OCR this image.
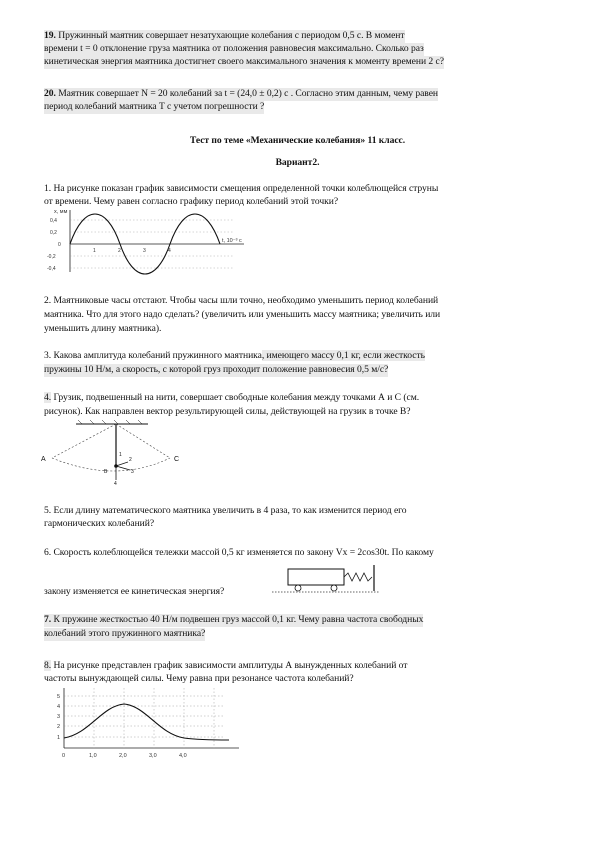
19. Пружинный маятник совершает незатухающие колебания с периодом 0,5 с. В момент
времени t = 0 отклонение груза маятника от положения равновесия максимально. Сколько раз
кинетическая энергия маятника достигнет своего максимального значения к моменту времени 2 с?
20. Маятник совершает N = 20 колебаний за t = (24,0 ± 0,2) с . Согласно этим данным, чему равен
период колебаний маятника T с учетом погрешности ?
Тест по теме «Механические колебания» 11 класс.
Вариант2.
1. На рисунке показан график зависимости смещения определенной точки колеблющейся струны
от времени. Чему равен согласно графику период колебаний этой точки?
x, мм
0,4
0,2
0
-0,2
-0,4
1	2	3	4
t, 10⁻³ с
2. Маятниковые часы отстают. Чтобы часы шли точно, необходимо уменьшить период колебаний
маятника. Что для этого надо сделать? (увеличить или уменьшить массу маятника; увеличить или
уменьшить длину маятника).
3. Какова амплитуда колебаний пружинного маятника, имеющего массу 0,1 кг, если жесткость
пружины 10 Н/м, а скорость, с которой груз проходит положение равновесия 0,5 м/с?
4. Грузик, подвешенный на нити, совершает свободные колебания между точками А и С (см.
рисунок). Как направлен вектор результирующей силы, действующей на грузик в точке В?
А	С
В
1
2
3
4
5. Если длину математического маятника увеличить в 4 раза, то как изменится период его
гармонических колебаний?
6. Скорость колеблющейся тележки массой 0,5 кг изменяется по закону Vx = 2cos30t. По какому
закону изменяется ее кинетическая энергия?
7. К пружине жесткостью 40 Н/м подвешен груз массой 0,1 кг. Чему равна частота свободных
колебаний этого пружинного маятника?
8. На рисунке представлен график зависимости амплитуды А вынужденных колебаний от
частоты вынуждающей силы. Чему равна при резонансе частота колебаний?
5
4
3
2
1
0	1,0	2,0	3,0	4,0
